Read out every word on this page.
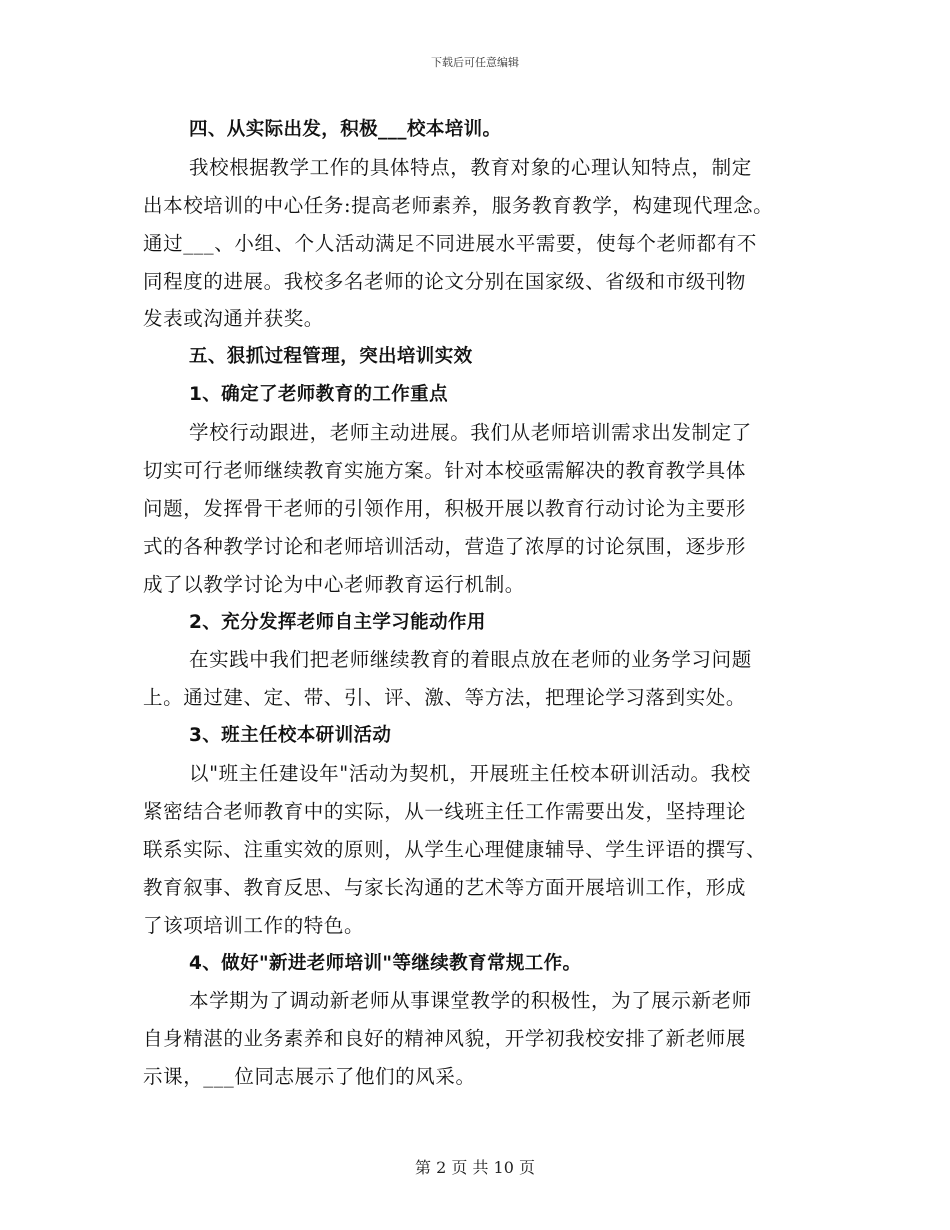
下载后可任意编辑
四、从实际出发，积极___校本培训。
我校根据教学工作的具体特点，教育对象的心理认知特点，制定
出本校培训的中心任务:提高老师素养，服务教育教学，构建现代理念。
通过___、小组、个人活动满足不同进展水平需要，使每个老师都有不
同程度的进展。我校多名老师的论文分别在国家级、省级和市级刊物
发表或沟通并获奖。
五、狠抓过程管理，突出培训实效
1、确定了老师教育的工作重点
学校行动跟进，老师主动进展。我们从老师培训需求出发制定了
切实可行老师继续教育实施方案。针对本校亟需解决的教育教学具体
问题，发挥骨干老师的引领作用，积极开展以教育行动讨论为主要形
式的各种教学讨论和老师培训活动，营造了浓厚的讨论氛围，逐步形
成了以教学讨论为中心老师教育运行机制。
2、充分发挥老师自主学习能动作用
在实践中我们把老师继续教育的着眼点放在老师的业务学习问题
上。通过建、定、带、引、评、激、等方法，把理论学习落到实处。
3、班主任校本研训活动
以"班主任建设年"活动为契机，开展班主任校本研训活动。我校
紧密结合老师教育中的实际，从一线班主任工作需要出发，坚持理论
联系实际、注重实效的原则，从学生心理健康辅导、学生评语的撰写、
教育叙事、教育反思、与家长沟通的艺术等方面开展培训工作，形成
了该项培训工作的特色。
4、做好"新进老师培训"等继续教育常规工作。
本学期为了调动新老师从事课堂教学的积极性，为了展示新老师
自身精湛的业务素养和良好的精神风貌，开学初我校安排了新老师展
示课，___位同志展示了他们的风采。
第 2 页 共 10 页
